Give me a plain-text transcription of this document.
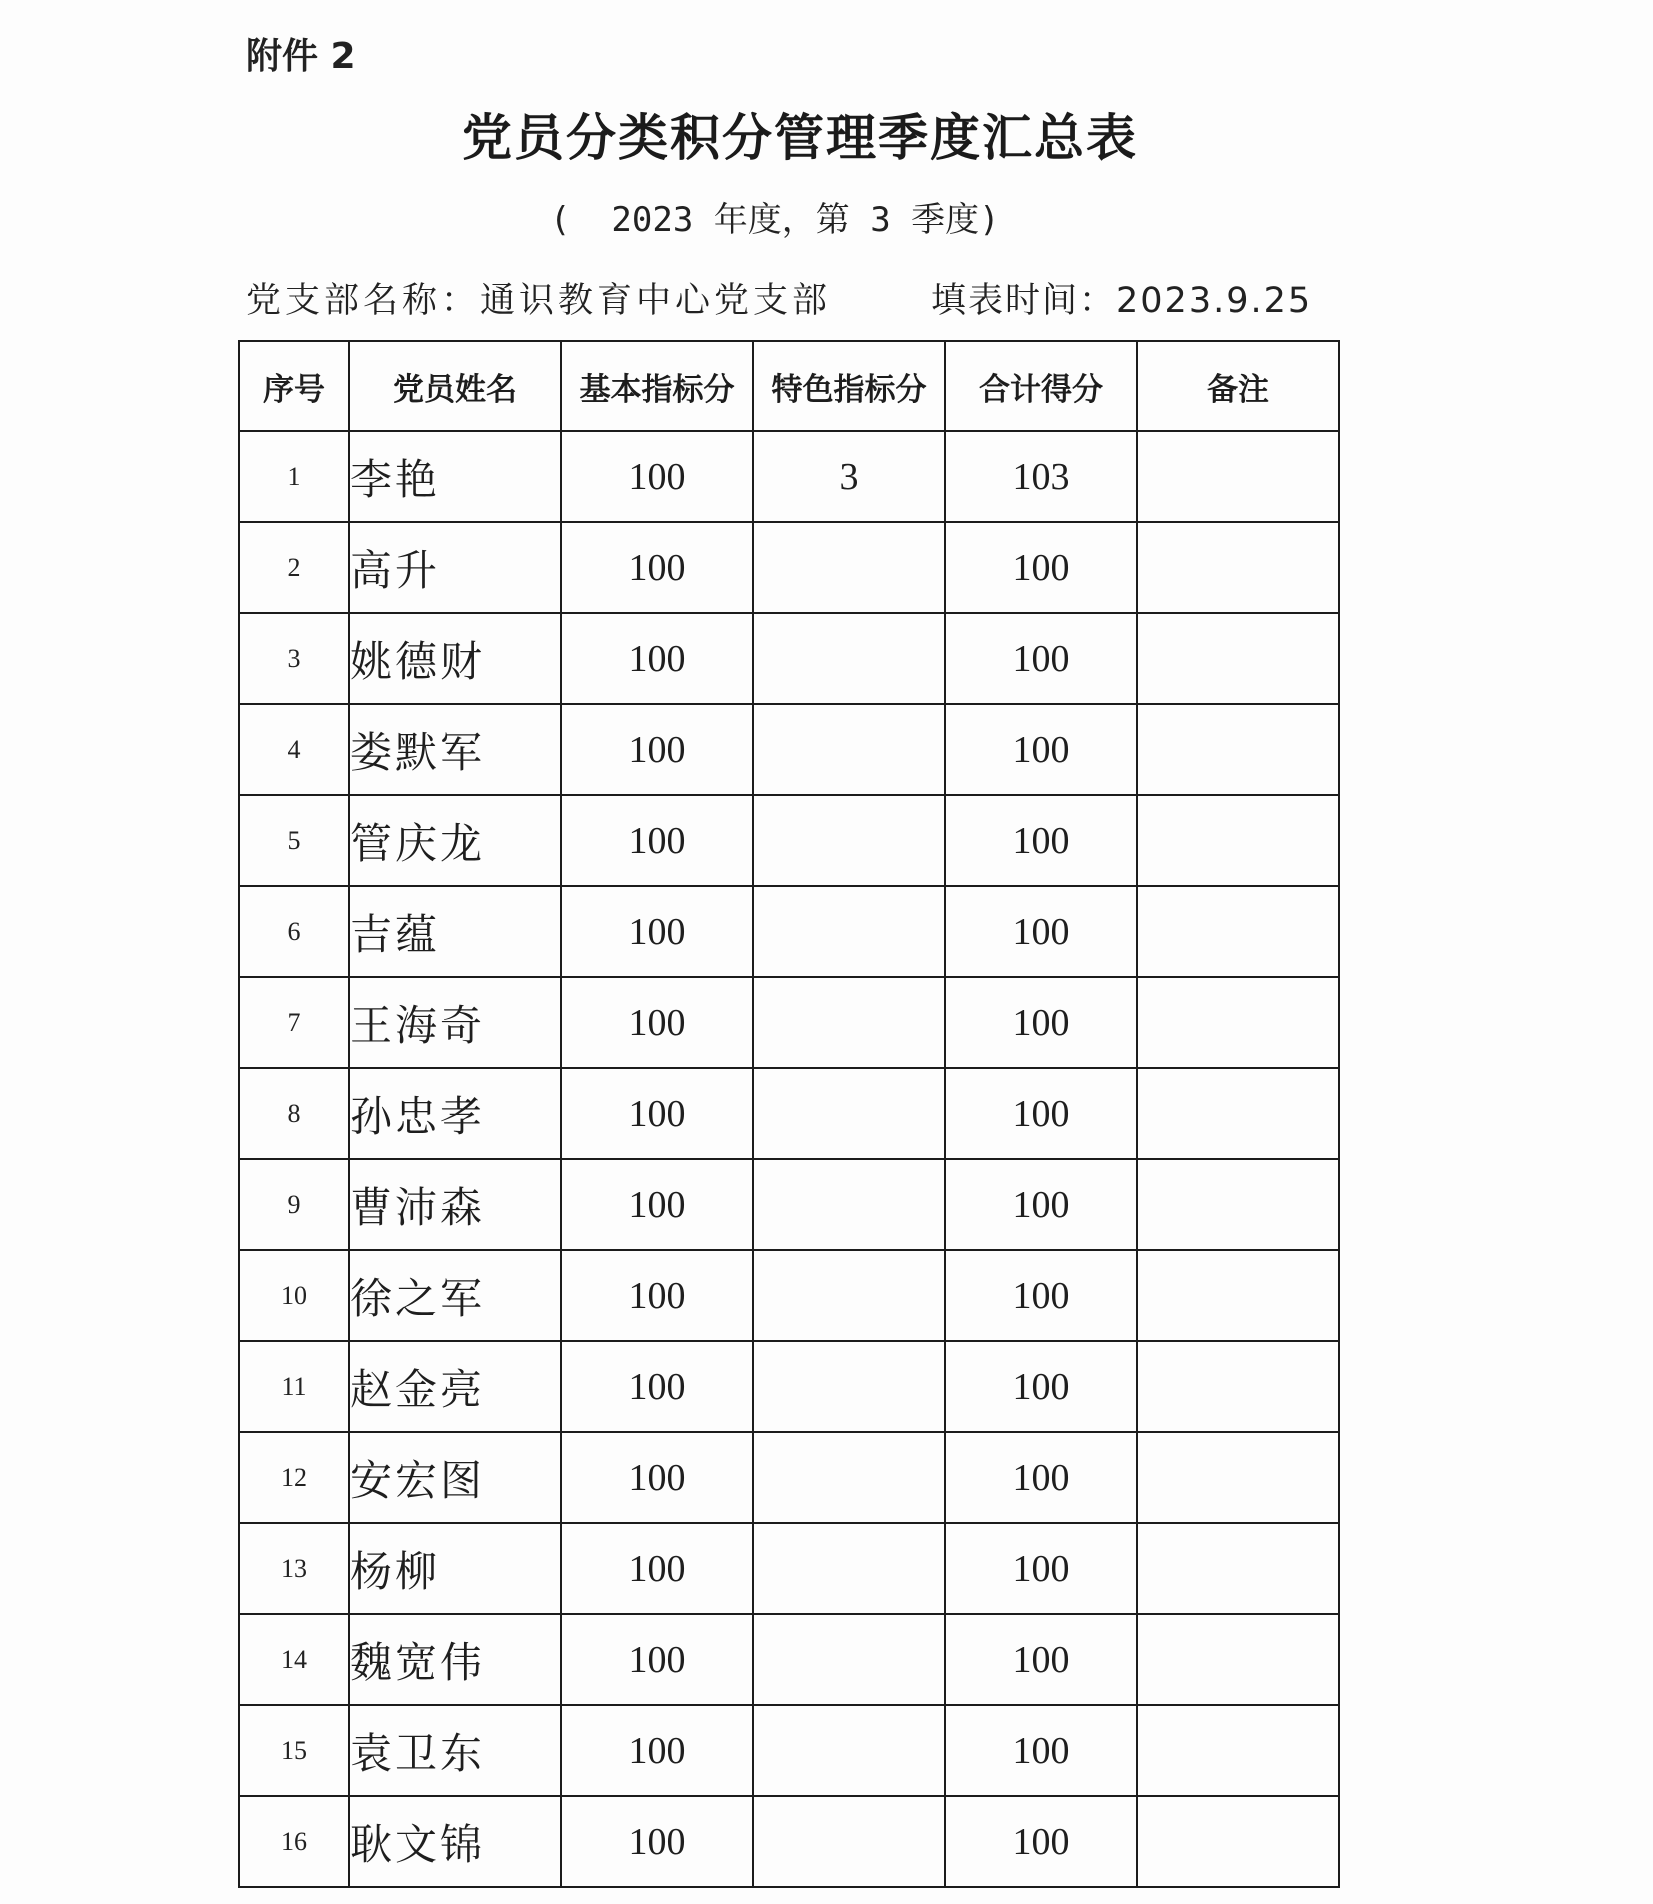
附件 2
党员分类积分管理季度汇总表
(  2023 年度，第 3 季度)
党支部名称：通识教育中心党支部	填表时间：2023.9.25
序号	党员姓名	基本指标分	特色指标分	合计得分	备注
1	李艳	100	3	103	
2	高升	100		100	
3	姚德财	100		100	
4	娄默军	100		100	
5	管庆龙	100		100	
6	吉蕴	100		100	
7	王海奇	100		100	
8	孙忠孝	100		100	
9	曹沛森	100		100	
10	徐之军	100		100	
11	赵金亮	100		100	
12	安宏图	100		100	
13	杨柳	100		100	
14	魏宽伟	100		100	
15	袁卫东	100		100	
16	耿文锦	100		100	
